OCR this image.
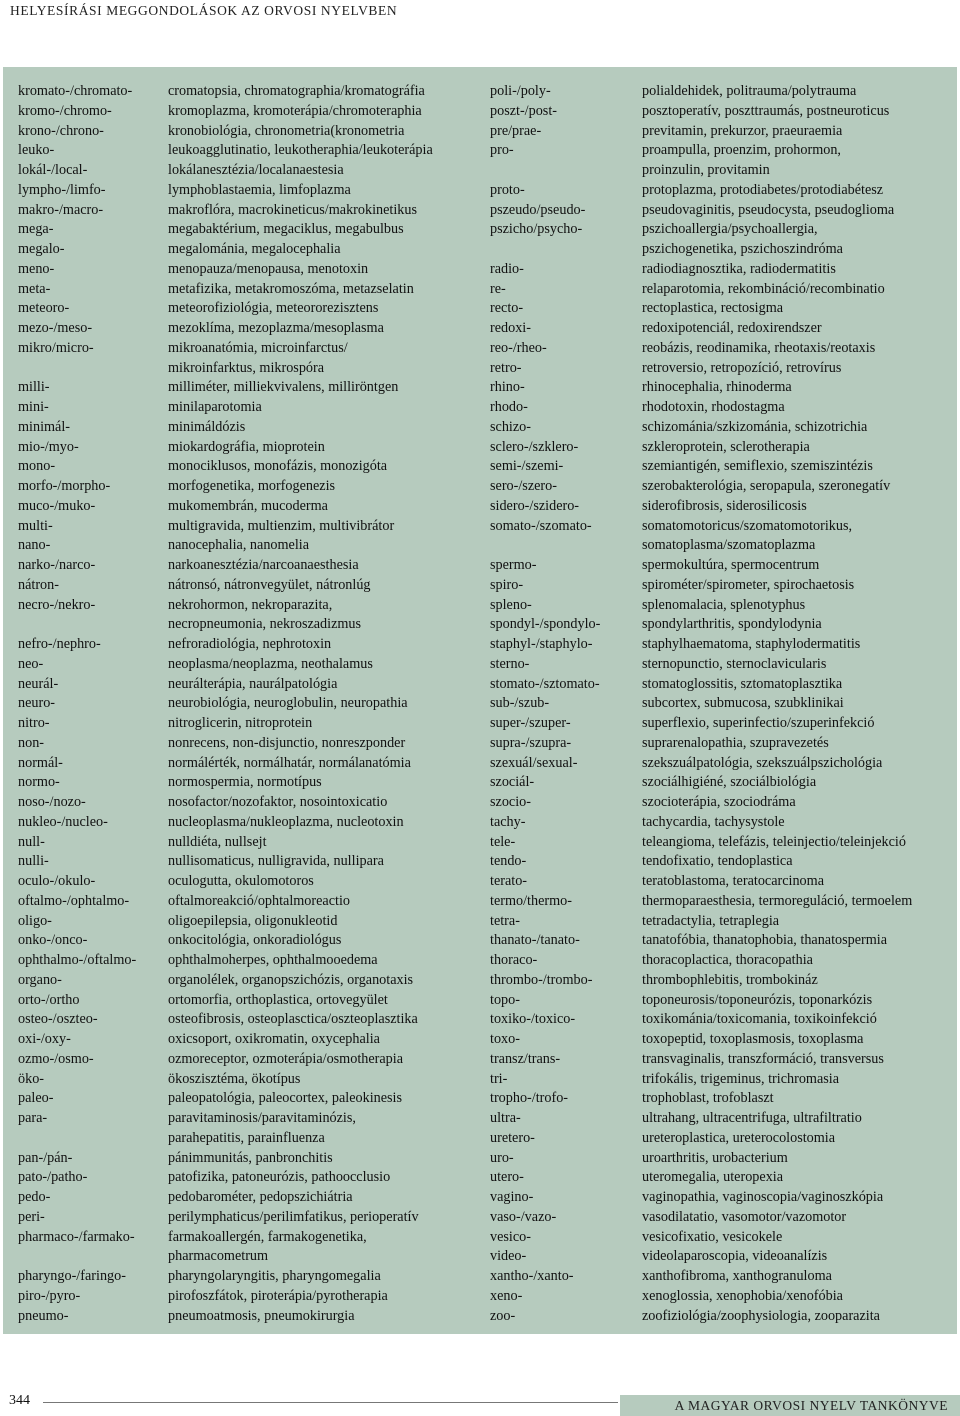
HELYESÍRÁSI MEGGONDOLÁSOK AZ ORVOSI NYELVBEN
kromato-/chromato-
kromo-/chromo-
krono-/chrono-
leuko-
lokál-/local-
lympho-/limfo-
makro-/macro-
mega-
megalo-
meno-
meta-
meteoro-
mezo-/meso-
mikro/micro-
milli-
mini-
minimál-
mio-/myo-
mono-
morfo-/morpho-
muco-/muko-
multi-
nano-
narko-/narco-
nátron-
necro-/nekro-
nefro-/nephro-
neo-
neurál-
neuro-
nitro-
non-
normál-
normo-
noso-/nozo-
nukleo-/nucleo-
null-
nulli-
oculo-/okulo-
oftalmo-/ophtalmo-
oligo-
onko-/onco-
ophthalmo-/oftalmo-
organo-
orto-/ortho
osteo-/oszteo-
oxi-/oxy-
ozmo-/osmo-
öko-
paleo-
para-
pan-/pán-
pato-/patho-
pedo-
peri-
pharmaco-/farmako-
pharyngo-/faringo-
piro-/pyro-
pneumo-
cromatopsia, chromatographia/kromatográfia
kromoplazma, kromoterápia/chromoteraphia
kronobiológia, chronometria(kronometria
leukoagglutinatio, leukotheraphia/leukoterápia
lokálanesztézia/localanaestesia
lymphoblastaemia, limfoplazma
makroflóra, macrokineticus/makrokinetikus
megabaktérium, megaciklus, megabulbus
megalománia, megalocephalia
menopauza/menopausa, menotoxin
metafizika, metakromoszóma, metazselatin
meteorofiziológia, meteororezisztens
mezoklíma, mezoplazma/mesoplasma
mikroanatómia, microinfarctus/
mikroinfarktus, mikrospóra
milliméter, milliekvivalens, milliröntgen
minilaparotomia
minimáldózis
miokardográfia, mioprotein
monociklusos, monofázis, monozigóta
morfogenetika, morfogenezis
mukomembrán, mucoderma
multigravida, multienzim, multivibrátor
nanocephalia, nanomelia
narkoanesztézia/narcoanaesthesia
nátronsó, nátronvegyület, nátronlúg
nekrohormon, nekroparazita,
necropneumonia, nekroszadizmus
nefroradiológia, nephrotoxin
neoplasma/neoplazma, neothalamus
neurálterápia, naurálpatológia
neurobiológia, neuroglobulin, neuropathia
nitroglicerin, nitroprotein
nonrecens, non-disjunctio, nonreszponder
normálérték, normálhatár, normálanatómia
normospermia, normotípus
nosofactor/nozofaktor, nosointoxicatio
nucleoplasma/nukleoplazma, nucleotoxin
nulldiéta, nullsejt
nullisomaticus, nulligravida, nullipara
oculogutta, okulomotoros
oftalmoreakció/ophtalmoreactio
oligoepilepsia, oligonukleotid
onkocitológia, onkoradiológus
ophthalmoherpes, ophthalmooedema
organolélek, organopszichózis, organotaxis
ortomorfia, orthoplastica, ortovegyület
osteofibrosis, osteoplasctica/oszteoplasztika
oxicsoport, oxikromatin, oxycephalia
ozmoreceptor, ozmoterápia/osmotherapia
ökoszisztéma, ökotípus
paleopatológia, paleocortex, paleokinesis
paravitaminosis/paravitaminózis,
parahepatitis, parainfluenza
pánimmunitás, panbronchitis
patofizika, patoneurózis, pathoocclusio
pedobarométer, pedopszichiátria
perilymphaticus/perilimfatikus, perioperatív
farmakoallergén, farmakogenetika,
pharmacometrum
pharyngolaryngitis, pharyngomegalia
pirofoszfátok, piroterápia/pyrotherapia
pneumoatmosis, pneumokirurgia
poli-/poly-
poszt-/post-
pre/prae-
pro-
proto-
pszeudo/pseudo-
pszicho/psycho-
radio-
re-
recto-
redoxi-
reo-/rheo-
retro-
rhino-
rhodo-
schizo-
sclero-/szklero-
semi-/szemi-
sero-/szero-
sidero-/szidero-
somato-/szomato-
spermo-
spiro-
spleno-
spondyl-/spondylo-
staphyl-/staphylo-
sterno-
stomato-/sztomato-
sub-/szub-
super-/szuper-
supra-/szupra-
szexuál/sexual-
szociál-
szocio-
tachy-
tele-
tendo-
terato-
termo/thermo-
tetra-
thanato-/tanato-
thoraco-
thrombo-/trombo-
topo-
toxiko-/toxico-
toxo-
transz/trans-
tri-
tropho-/trofo-
ultra-
uretero-
uro-
utero-
vagino-
vaso-/vazo-
vesico-
video-
xantho-/xanto-
xeno-
zoo-
polialdehidek, politrauma/polytrauma
posztoperatív, poszttraumás, postneuroticus
previtamin, prekurzor, praeuraemia
proampulla, proenzim, prohormon,
proinzulin, provitamin
protoplazma, protodiabetes/protodiabétesz
pseudovaginitis, pseudocysta, pseudoglioma
pszichoallergia/psychoallergia,
pszichogenetika, pszichoszindróma
radiodiagnosztika, radiodermatitis
relaparotomia, rekombináció/recombinatio
rectoplastica, rectosigma
redoxipotenciál, redoxirendszer
reobázis, reodinamika, rheotaxis/reotaxis
retroversio, retropozíció, retrovírus
rhinocephalia, rhinoderma
rhodotoxin, rhodostagma
schizománia/szkizománia, schizotrichia
szkleroprotein, sclerotherapia
szemiantigén, semiflexio, szemiszintézis
szerobakterológia, seropapula, szeronegatív
siderofibrosis, siderosilicosis
somatomotoricus/szomatomotorikus,
somatoplasma/szomatoplazma
spermokultúra, spermocentrum
spirométer/spirometer, spirochaetosis
splenomalacia, splenotyphus
spondylarthritis, spondylodynia
staphylhaematoma, staphylodermatitis
sternopunctio, sternoclavicularis
stomatoglossitis, sztomatoplasztika
subcortex, submucosa, szubklinikai
superflexio, superinfectio/szuperinfekció
suprarenalopathia, szupravezetés
szekszuálpatológia, szekszuálpszichológia
szociálhigiéné, szociálbiológia
szocioterápia, szociodráma
tachycardia, tachysystole
teleangioma, telefázis, teleinjectio/teleinjekció
tendofixatio, tendoplastica
teratoblastoma, teratocarcinoma
thermoparaesthesia, termoreguláció, termoelem
tetradactylia, tetraplegia
tanatofóbia, thanatophobia, thanatospermia
thoracoplactica, thoracopathia
thrombophlebitis, trombokináz
toponeurosis/toponeurózis, toponarkózis
toxikománia/toxicomania, toxikoinfekció
toxopeptid, toxoplasmosis, toxoplasma
transvaginalis, transzformáció, transversus
trifokális, trigeminus, trichromasia
trophoblast, trofoblaszt
ultrahang, ultracentrifuga, ultrafiltratio
ureteroplastica, ureterocolostomia
uroarthritis, urobacterium
uteromegalia, uteropexia
vaginopathia, vaginoscopia/vaginoszkópia
vasodilatatio, vasomotor/vazomotor
vesicofixatio, vesicokele
videolaparoscopia, videoanalízis
xanthofibroma, xanthogranuloma
xenoglossia, xenophobia/xenofóbia
zoofiziológia/zoophysiologia, zooparazita
344	A MAGYAR ORVOSI NYELV TANKÖNYVE
